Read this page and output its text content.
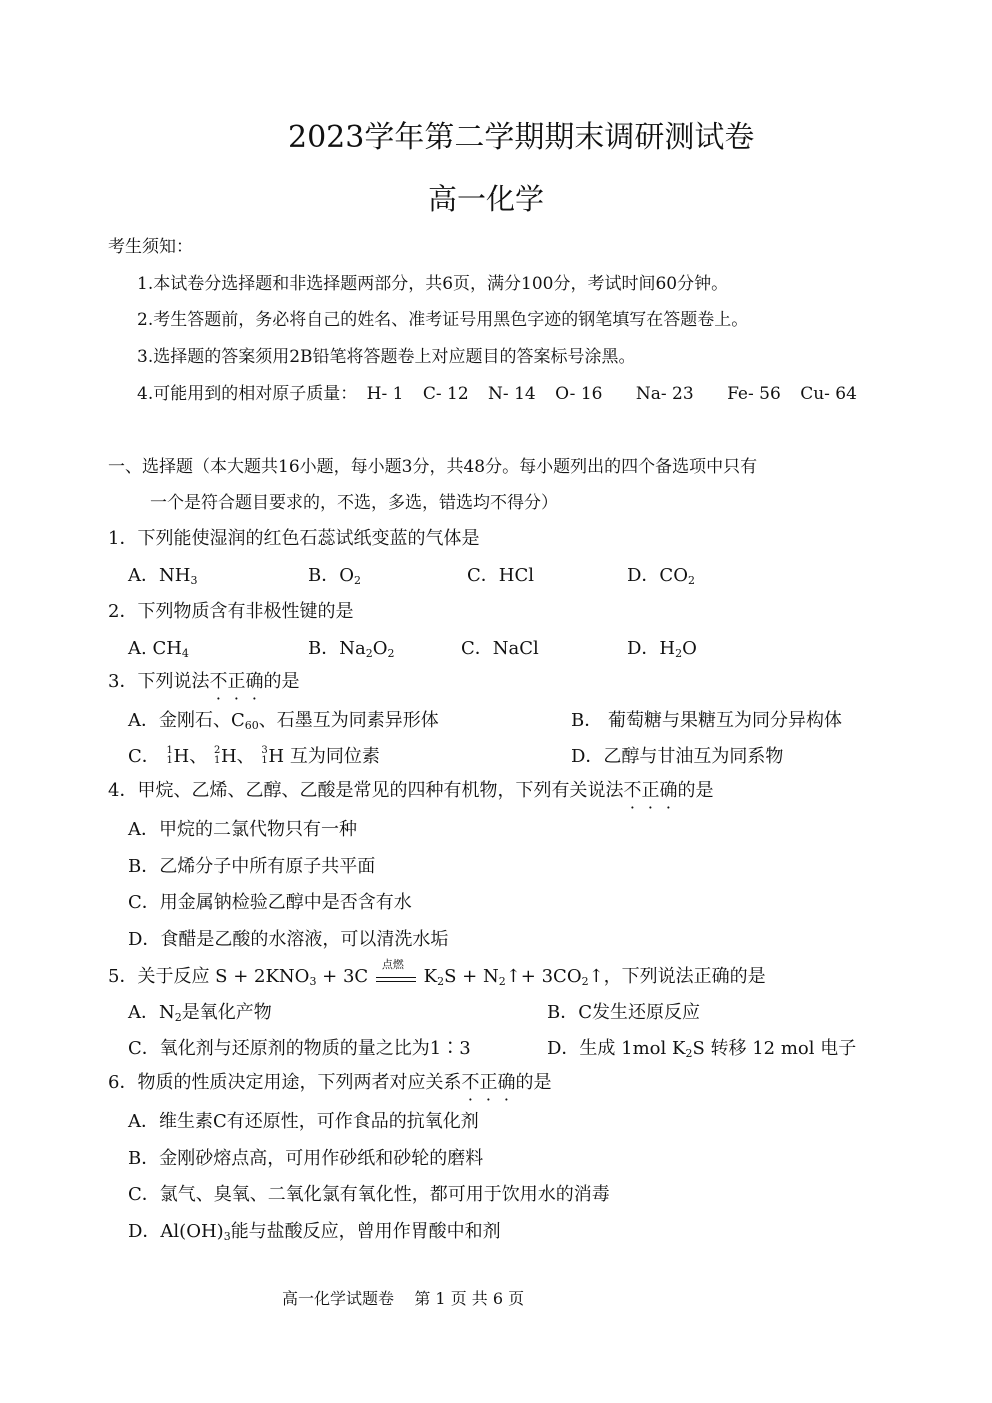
2023学年第二学期期末调研测试卷
高一化学
考生须知：
1.本试卷分选择题和非选择题两部分，共6页，满分100分，考试时间60分钟。
2.考生答题前，务必将自己的姓名、准考证号用黑色字迹的钢笔填写在答题卷上。
3.选择题的答案须用2B铅笔将答题卷上对应题目的答案标号涂黑。
4.可能用到的相对原子质量： H- 1 C- 12 N- 14 O- 16 Na- 23 Fe- 56 Cu- 64
一、选择题（本大题共16小题，每小题3分，共48分。每小题列出的四个备选项中只有
一个是符合题目要求的，不选，多选，错选均不得分）
1．下列能使湿润的红色石蕊试纸变蓝的气体是
A．$NH_3$	B．$O_2$	C．HCl	D．$CO_2$
2．下列物质含有非极性键的是
A. $CH_4$	B．$Na_2O_2$	C．NaCl	D．$H_2O$
3．下列说法不正确的是
A．金刚石、$C_{60}$、石墨互为同素异形体	B． 葡萄糖与果糖互为同分异构体
C． 1
1 H、 2
1 H、 3
1 H 互为同位素	D．乙醇与甘油互为同系物
4．甲烷、乙烯、乙醇、乙酸是常见的四种有机物，下列有关说法不正确的是
A．甲烷的二氯代物只有一种
B．乙烯分子中所有原子共平面
C．用金属钠检验乙醇中是否含有水
D．食醋是乙酸的水溶液，可以清洗水垢
5．关于反应 $S + 2KNO_3 + 3C$
点燃
$K_2S$ + $N_2↑+$ $3CO_2↑$，下列说法正确的是
A．$N_2$是氧化产物	B．C发生还原反应
C．氧化剂与还原剂的物质的量之比为1∶3	D．生成 1mol $K_2S$ 转移 12 mol 电子
6．物质的性质决定用途，下列两者对应关系不正确的是
A．维生素C有还原性，可作食品的抗氧化剂
B．金刚砂熔点高，可用作砂纸和砂轮的磨料
C．氯气、臭氧、二氧化氯有氧化性，都可用于饮用水的消毒
D．$Al(OH)_3$能与盐酸反应，曾用作胃酸中和剂
高一化学试题卷    第 1 页 共 6 页
